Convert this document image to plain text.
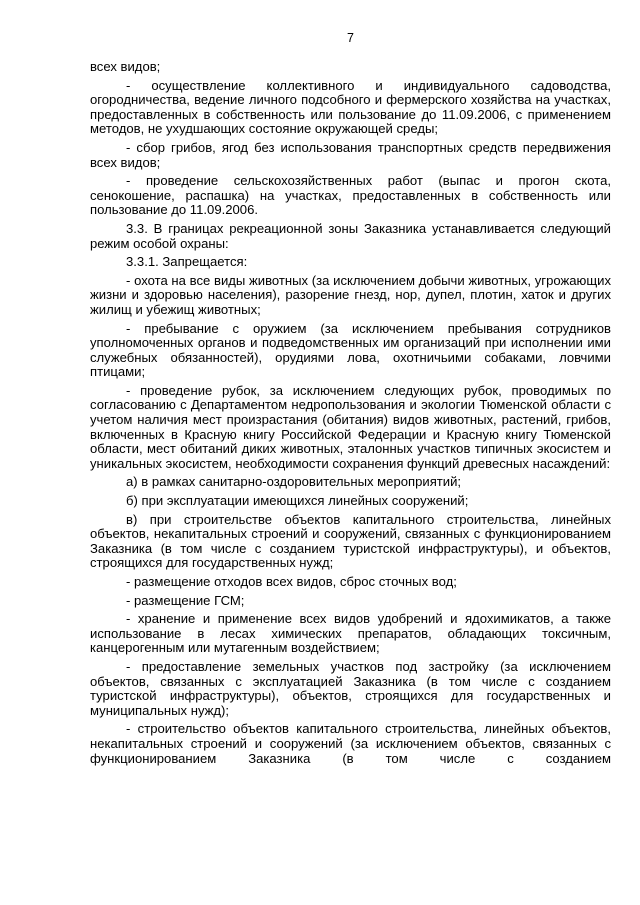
7

всех видов;

- осуществление коллективного и индивидуального садоводства, огородничества, ведение личного подсобного и фермерского хозяйства на участках, предоставленных в собственность или пользование до 11.09.2006, с применением методов, не ухудшающих состояние окружающей среды;

- сбор грибов, ягод без использования транспортных средств передвижения всех видов;

- проведение сельскохозяйственных работ (выпас и прогон скота, сенокошение, распашка) на участках, предоставленных в собственность или пользование до 11.09.2006.

3.3. В границах рекреационной зоны Заказника устанавливается следующий режим особой охраны:

3.3.1. Запрещается:

- охота на все виды животных (за исключением добычи животных, угрожающих жизни и здоровью населения), разорение гнезд, нор, дупел, плотин, хаток и других жилищ и убежищ животных;

- пребывание с оружием (за исключением пребывания сотрудников уполномоченных органов и подведомственных им организаций при исполнении ими служебных обязанностей), орудиями лова, охотничьими собаками, ловчими птицами;

- проведение рубок, за исключением следующих рубок, проводимых по согласованию с Департаментом недропользования и экологии Тюменской области с учетом наличия мест произрастания (обитания) видов животных, растений, грибов, включенных в Красную книгу Российской Федерации и Красную книгу Тюменской области, мест обитаний диких животных, эталонных участков типичных экосистем и уникальных экосистем, необходимости сохранения функций древесных насаждений:

а) в рамках санитарно-оздоровительных мероприятий;

б) при эксплуатации имеющихся линейных сооружений;

в) при строительстве объектов капитального строительства, линейных объектов, некапитальных строений и сооружений, связанных с функционированием Заказника (в том числе с созданием туристской инфраструктуры), и объектов, строящихся для государственных нужд;

- размещение отходов всех видов, сброс сточных вод;

- размещение ГСМ;

- хранение и применение всех видов удобрений и ядохимикатов, а также использование в лесах химических препаратов, обладающих токсичным, канцерогенным или мутагенным воздействием;

- предоставление земельных участков под застройку (за исключением объектов, связанных с эксплуатацией Заказника (в том числе с созданием туристской инфраструктуры), объектов, строящихся для государственных и муниципальных нужд);

- строительство объектов капитального строительства, линейных объектов, некапитальных строений и сооружений (за исключением объектов, связанных с функционированием Заказника (в том числе с созданием
